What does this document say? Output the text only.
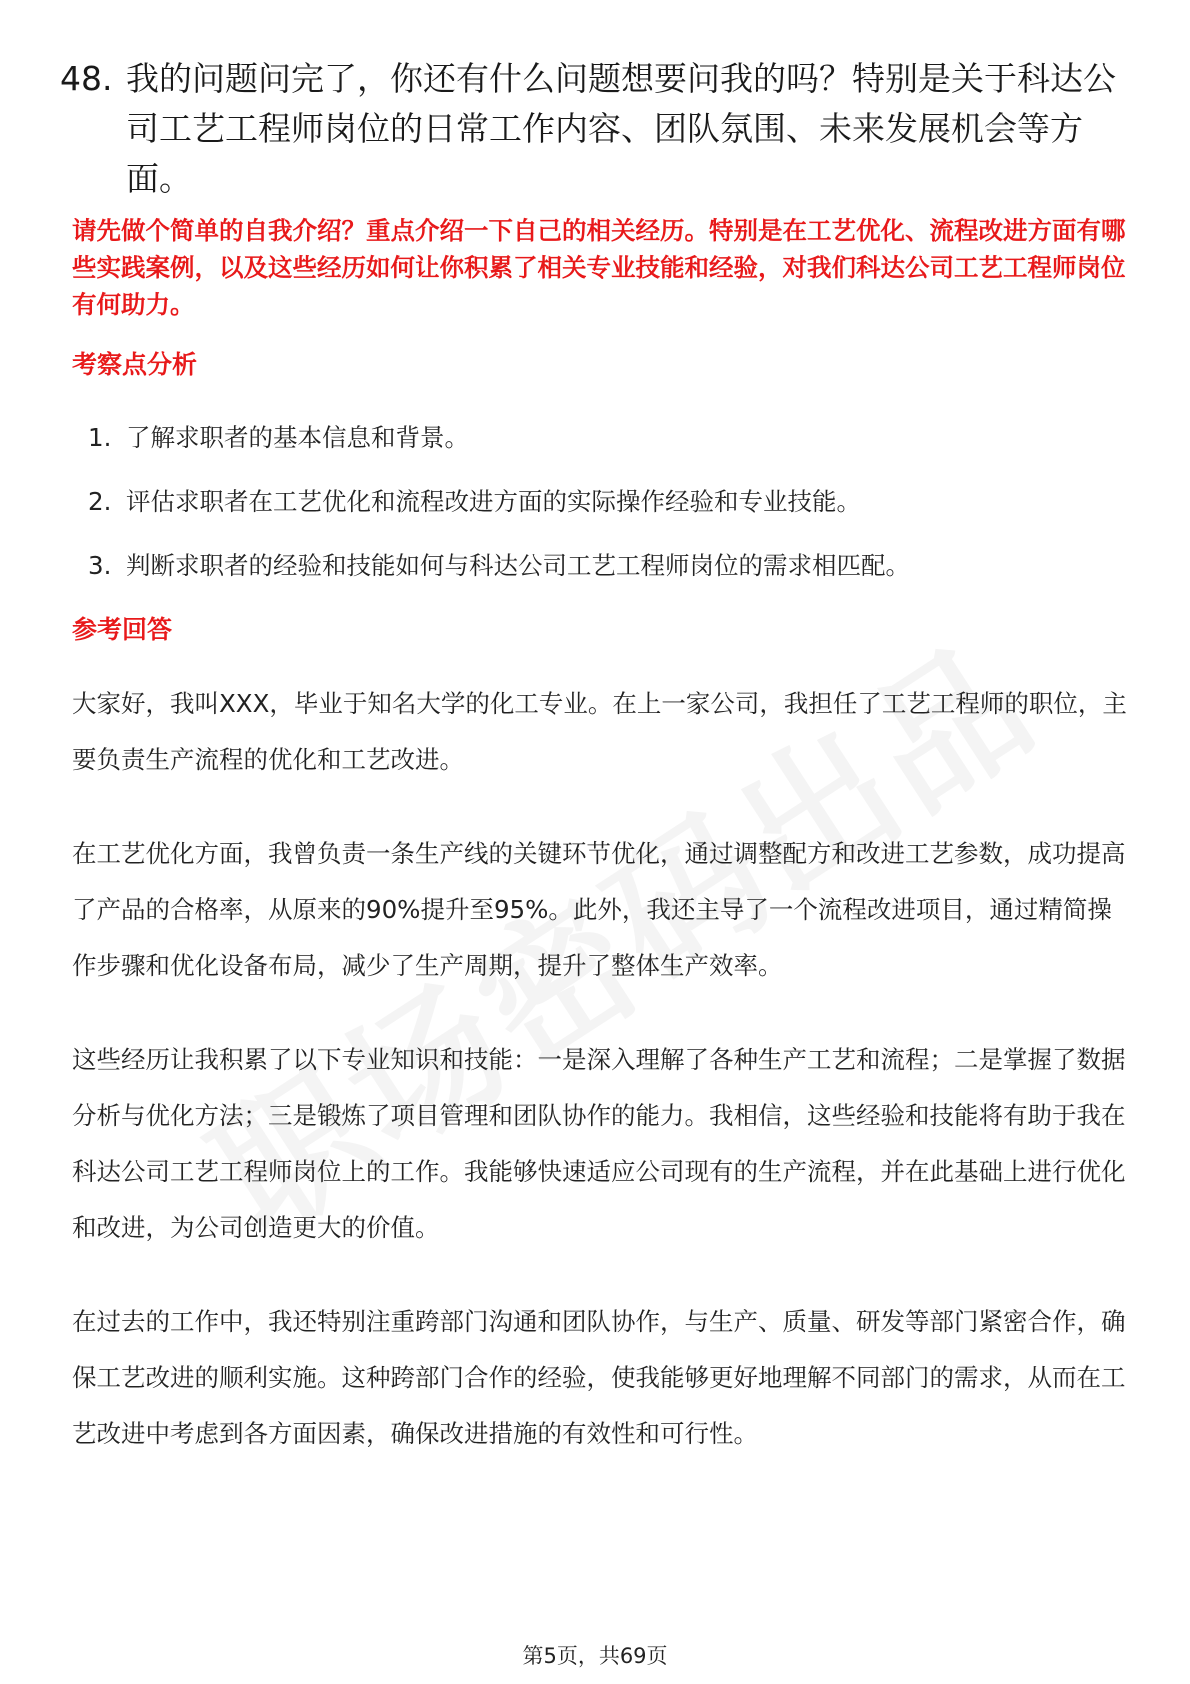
48. 我的问题问完了，你还有什么问题想要问我的吗？特别是关于科达公司工艺工程师岗位的日常工作内容、团队氛围、未来发展机会等方面。

请先做个简单的自我介绍？重点介绍一下自己的相关经历。特别是在工艺优化、流程改进方面有哪些实践案例，以及这些经历如何让你积累了相关专业技能和经验，对我们科达公司工艺工程师岗位有何助力。

考察点分析
1. 了解求职者的基本信息和背景。
2. 评估求职者在工艺优化和流程改进方面的实际操作经验和专业技能。
3. 判断求职者的经验和技能如何与科达公司工艺工程师岗位的需求相匹配。
参考回答

大家好，我叫XXX，毕业于知名大学的化工专业。在上一家公司，我担任了工艺工程师的职位，主要负责生产流程的优化和工艺改进。

在工艺优化方面，我曾负责一条生产线的关键环节优化，通过调整配方和改进工艺参数，成功提高了产品的合格率，从原来的90%提升至95%。此外，我还主导了一个流程改进项目，通过精简操作步骤和优化设备布局，减少了生产周期，提升了整体生产效率。

这些经历让我积累了以下专业知识和技能：一是深入理解了各种生产工艺和流程；二是掌握了数据分析与优化方法；三是锻炼了项目管理和团队协作的能力。我相信，这些经验和技能将有助于我在科达公司工艺工程师岗位上的工作。我能够快速适应公司现有的生产流程，并在此基础上进行优化和改进，为公司创造更大的价值。

在过去的工作中，我还特别注重跨部门沟通和团队协作，与生产、质量、研发等部门紧密合作，确保工艺改进的顺利实施。这种跨部门合作的经验，使我能够更好地理解不同部门的需求，从而在工艺改进中考虑到各方面因素，确保改进措施的有效性和可行性。

第5页，共69页
